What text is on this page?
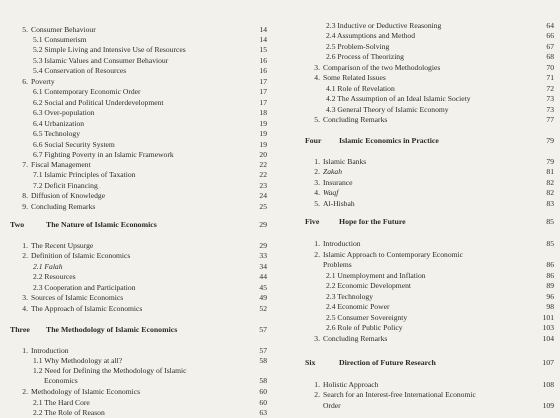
5. Consumer Behaviour	14
5.1 Consumerism	14
5.2 Simple Living and Intensive Use of Resources	15
5.3 Islamic Values and Consumer Behaviour	16
5.4 Conservation of Resources	16
6. Poverty	17
6.1 Contemporary Economic Order	17
6.2 Social and Political Underdevelopment	17
6.3 Over-population	18
6.4 Urbanization	19
6.5 Technology	19
6.6 Social Security System	19
6.7 Fighting Poverty in an Islamic Framework	20
7. Fiscal Management	22
7.1 Islamic Principles of Taxation	22
7.2 Deficit Financing	23
8. Diffusion of Knowledge	24
9. Concluding Remarks	25
Two	The Nature of Islamic Economics	29
1. The Recent Upsurge	29
2. Definition of Islamic Economics	33
2.1 Falah	34
2.2 Resources	44
2.3 Cooperation and Participation	45
3. Sources of Islamic Economics	49
4. The Approach of Islamic Economics	52
Three The Methodology of Islamic Economics	57
1. Introduction	57
1.1 Why Methodology at all?	58
1.2 Need for Defining the Methodology of Islamic
Economics	58
2. Methodology of Islamic Economics	60
2.1 The Hard Core	60
2.2 The Role of Reason	63
2.3 Inductive or Deductive Reasoning	64
2.4 Assumptions and Method	66
2.5 Problem-Solving	67
2.6 Process of Theorizing	68
3. Comparison of the two Methodologies	70
4. Some Related Issues	71
4.1 Role of Revelation	72
4.2 The Assumption of an Ideal Islamic Society	73
4.3 General Theory of Islamic Economy	73
5. Concluding Remarks	77
Four Islamic Economics in Practice	79
1. Islamic Banks	79
2. Zakah	81
3. Insurance	82
4. Waqf	82
5. Al-Hisbah	83
Five	Hope for the Future	85
1. Introduction	85
2. Islamic Approach to Contemporary Economic
Problems	86
2.1 Unemployment and Inflation	86
2.2 Economic Development	89
2.3 Technology	96
2.4 Economic Power	98
2.5 Consumer Sovereignty	101
2.6 Role of Public Policy	103
3. Concluding Remarks	104
Six	Direction of Future Research	107
1. Holistic Approach	108
2. Search for an Interest-free International Economic
Order	109
